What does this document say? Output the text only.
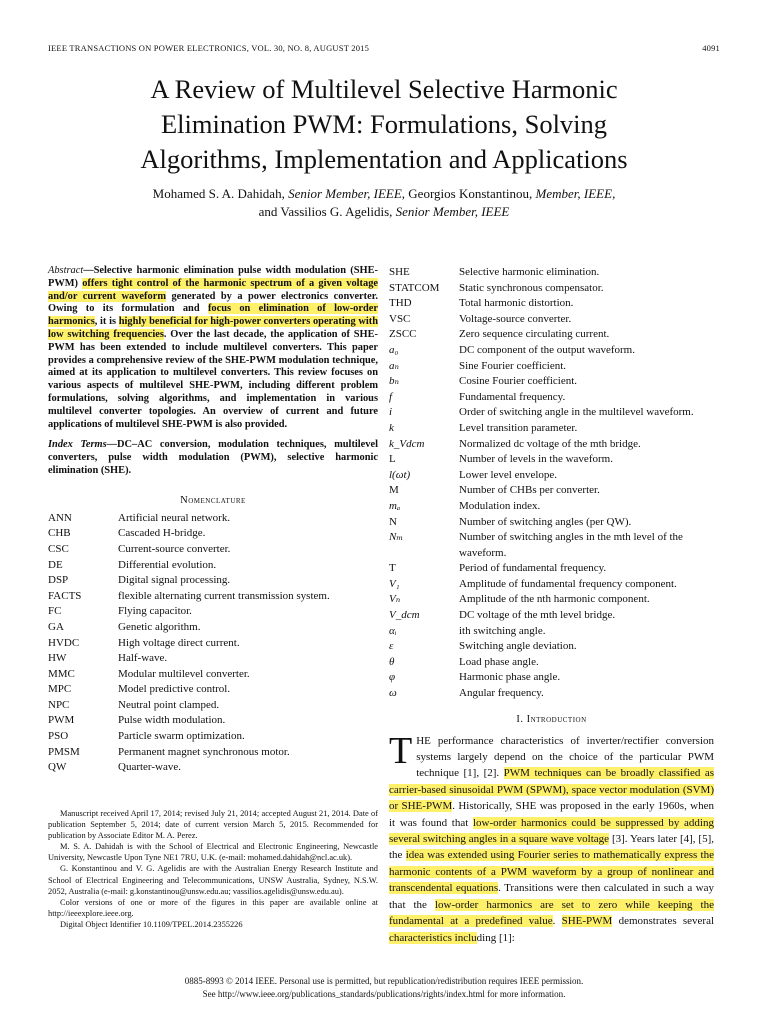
IEEE TRANSACTIONS ON POWER ELECTRONICS, VOL. 30, NO. 8, AUGUST 2015	4091
A Review of Multilevel Selective Harmonic
Elimination PWM: Formulations, Solving
Algorithms, Implementation and Applications
Mohamed S. A. Dahidah, Senior Member, IEEE, Georgios Konstantinou, Member, IEEE,
and Vassilios G. Agelidis, Senior Member, IEEE

Abstract—Selective harmonic elimination pulse width modulation (SHE-PWM) offers tight control of the harmonic spectrum of a given voltage and/or current waveform generated by a power electronics converter. Owing to its formulation and focus on elimination of low-order harmonics, it is highly beneficial for high-power converters operating with low switching frequencies. Over the last decade, the application of SHE-PWM has been extended to include multilevel converters. This paper provides a comprehensive review of the SHE-PWM modulation technique, aimed at its application to multilevel converters. This review focuses on various aspects of multilevel SHE-PWM, including different problem formulations, solving algorithms, and implementation in various multilevel converter topologies. An overview of current and future applications of multilevel SHE-PWM is also provided.

Index Terms—DC–AC conversion, modulation techniques, multilevel converters, pulse width modulation (PWM), selective harmonic elimination (SHE).

Nomenclature
ANN	Artificial neural network.
CHB	Cascaded H-bridge.
CSC	Current-source converter.
DE	Differential evolution.
DSP	Digital signal processing.
FACTS	flexible alternating current transmission system.
FC	Flying capacitor.
GA	Genetic algorithm.
HVDC	High voltage direct current.
HW	Half-wave.
MMC	Modular multilevel converter.
MPC	Model predictive control.
NPC	Neutral point clamped.
PWM	Pulse width modulation.
PSO	Particle swarm optimization.
PMSM	Permanent magnet synchronous motor.
QW	Quarter-wave.

Manuscript received April 17, 2014; revised July 21, 2014; accepted August 21, 2014. Date of publication September 5, 2014; date of current version March 5, 2015. Recommended for publication by Associate Editor M. A. Perez.

M. S. A. Dahidah is with the School of Electrical and Electronic Engineering, Newcastle University, Newcastle Upon Tyne NE1 7RU, U.K. (e-mail: mohamed.dahidah@ncl.ac.uk).

G. Konstantinou and V. G. Agelidis are with the Australian Energy Research Institute and School of Electrical Engineering and Telecommunications, UNSW Australia, Sydney, N.S.W. 2052, Australia (e-mail: g.konstantinou@unsw.edu.au; vassilios.agelidis@unsw.edu.au).

Color versions of one or more of the figures in this paper are available online at http://ieeexplore.ieee.org.

Digital Object Identifier 10.1109/TPEL.2014.2355226

SHE	Selective harmonic elimination.
STATCOM	Static synchronous compensator.
THD	Total harmonic distortion.
VSC	Voltage-source converter.
ZSCC	Zero sequence circulating current.
a₀	DC component of the output waveform.
aₙ	Sine Fourier coefficient.
bₙ	Cosine Fourier coefficient.
f	Fundamental frequency.
i	Order of switching angle in the multilevel waveform.
k	Level transition parameter.
k_Vdcm	Normalized dc voltage of the mth bridge.
L	Number of levels in the waveform.
l(ωt)	Lower level envelope.
M	Number of CHBs per converter.
mₐ	Modulation index.
N	Number of switching angles (per QW).
Nₘ	Number of switching angles in the mth level of the waveform.
T	Period of fundamental frequency.
V₁	Amplitude of fundamental frequency component.
Vₙ	Amplitude of the nth harmonic component.
V_dcm	DC voltage of the mth level bridge.
αᵢ	ith switching angle.
ε	Switching angle deviation.
θ	Load phase angle.
φ	Harmonic phase angle.
ω	Angular frequency.
I. Introduction

THE performance characteristics of inverter/rectifier conversion systems largely depend on the choice of the particular PWM technique [1], [2]. PWM techniques can be broadly classified as carrier-based sinusoidal PWM (SPWM), space vector modulation (SVM) or SHE-PWM. Historically, SHE was proposed in the early 1960s, when it was found that low-order harmonics could be suppressed by adding several switching angles in a square wave voltage [3]. Years later [4], [5], the idea was extended using Fourier series to mathematically express the harmonic contents of a PWM waveform by a group of nonlinear and transcendental equations. Transitions were then calculated in such a way that the low-order harmonics are set to zero while keeping the fundamental at a predefined value. SHE-PWM demonstrates several characteristics including [1]:

0885-8993 © 2014 IEEE. Personal use is permitted, but republication/redistribution requires IEEE permission.
See http://www.ieee.org/publications_standards/publications/rights/index.html for more information.
